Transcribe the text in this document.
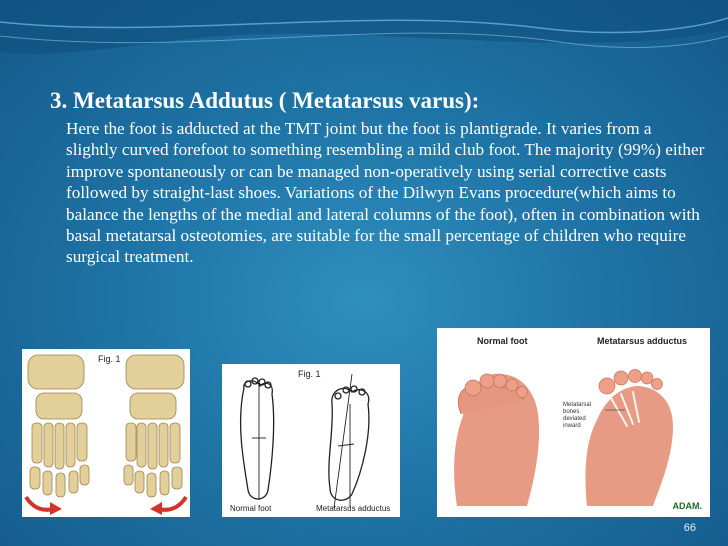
3. Metatarsus Addutus ( Metatarsus varus):

Here the foot is adducted at the TMT joint but the foot is plantigrade. It varies from a slightly curved forefoot to something resembling a mild club foot. The majority (99%) either improve spontaneously or can be managed non-operatively using serial corrective casts followed by straight-last shoes. Variations of the Dilwyn Evans procedure(which aims to balance the lengths of the medial and lateral columns of the foot), often in combination with basal metatarsal osteotomies, are suitable for the small percentage of children who require surgical treatment.

Fig. 1
Fig. 1
Normal foot	Metatarsus adductus
Normal foot	Metatarsus adductus
Metatarsal bones deviated inward
ADAM.
66
